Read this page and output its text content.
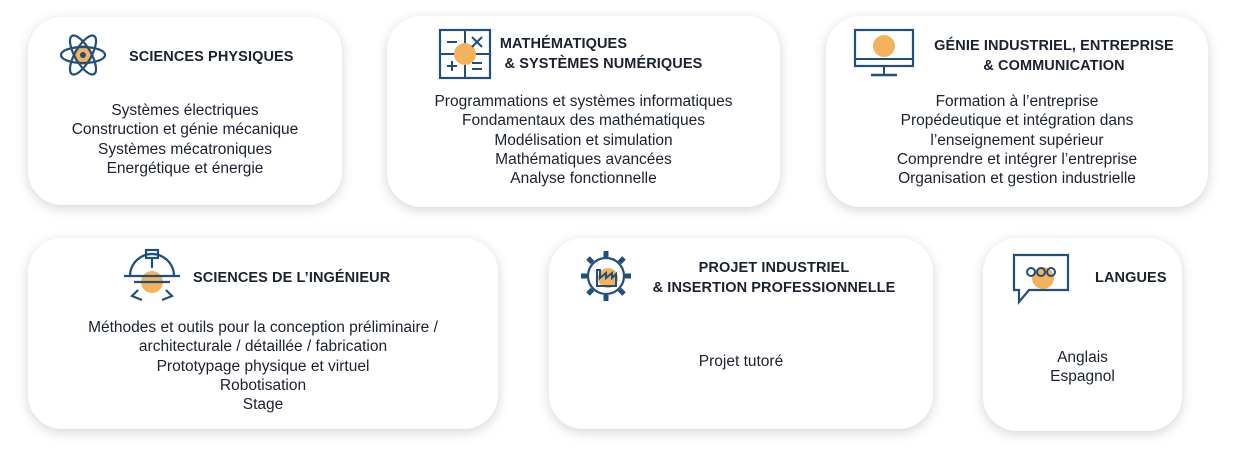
SCIENCES PHYSIQUES
Systèmes électriques
Construction et génie mécanique
Systèmes mécatroniques
Energétique et énergie
MATHÉMATIQUES
& SYSTÈMES NUMÉRIQUES
Programmations et systèmes informatiques
Fondamentaux des mathématiques
Modélisation et simulation
Mathématiques avancées
Analyse fonctionnelle
GÉNIE INDUSTRIEL, ENTREPRISE
& COMMUNICATION
Formation à l’entreprise
Propédeutique et intégration dans
l’enseignement supérieur
Comprendre et intégrer l’entreprise
Organisation et gestion industrielle
SCIENCES DE L’INGÉNIEUR
Méthodes et outils pour la conception préliminaire /
architecturale / détaillée / fabrication
Prototypage physique et virtuel
Robotisation
Stage
PROJET INDUSTRIEL
& INSERTION PROFESSIONNELLE
Projet tutoré
LANGUES
Anglais
Espagnol
